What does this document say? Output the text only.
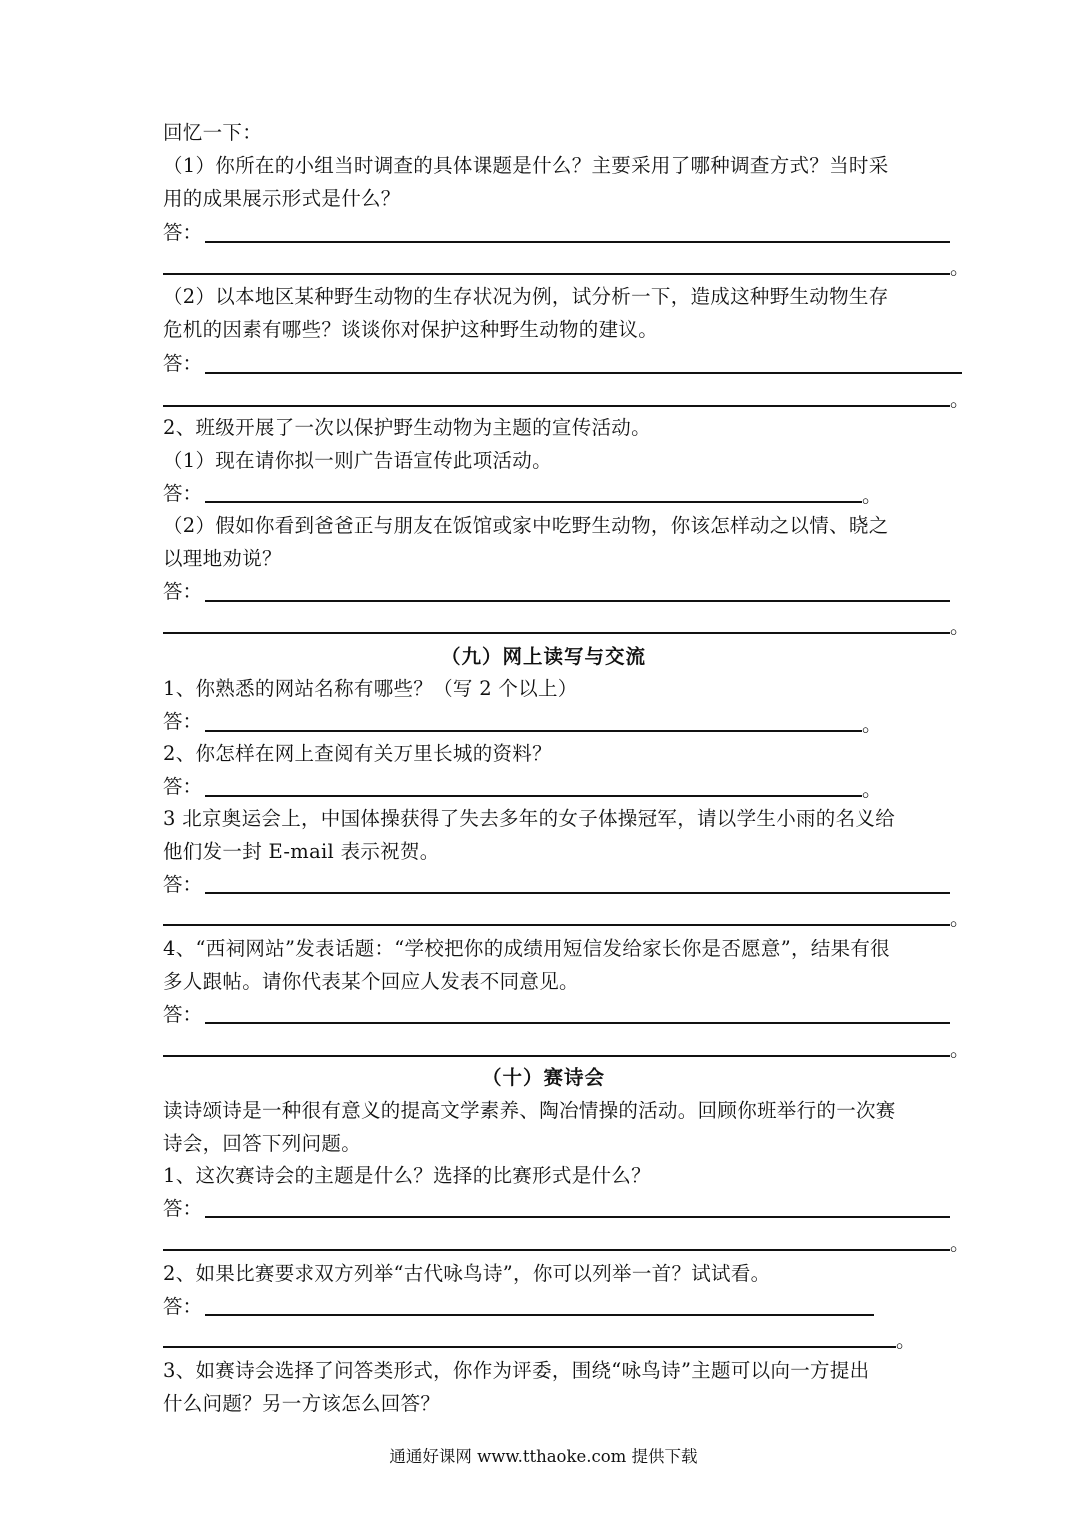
回忆一下：
（1）你所在的小组当时调查的具体课题是什么？主要采用了哪种调查方式？当时采
用的成果展示形式是什么？
答：
。
（2）以本地区某种野生动物的生存状况为例，试分析一下，造成这种野生动物生存
危机的因素有哪些？谈谈你对保护这种野生动物的建议。
答：
。
2、班级开展了一次以保护野生动物为主题的宣传活动。
（1）现在请你拟一则广告语宣传此项活动。
答：	。
（2）假如你看到爸爸正与朋友在饭馆或家中吃野生动物，你该怎样动之以情、晓之
以理地劝说？
答：
。
（九）网上读写与交流
1、你熟悉的网站名称有哪些？（写 2 个以上）
答：	。
2、你怎样在网上查阅有关万里长城的资料？
答：	。
3 北京奥运会上，中国体操获得了失去多年的女子体操冠军，请以学生小雨的名义给
他们发一封 E-mail 表示祝贺。
答：
。
4、“西祠网站”发表话题：“学校把你的成绩用短信发给家长你是否愿意”，结果有很
多人跟帖。请你代表某个回应人发表不同意见。
答：
。
（十）赛诗会
读诗颂诗是一种很有意义的提高文学素养、陶冶情操的活动。回顾你班举行的一次赛
诗会，回答下列问题。
1、这次赛诗会的主题是什么？选择的比赛形式是什么？
答：
。
2、如果比赛要求双方列举“古代咏鸟诗”，你可以列举一首？试试看。
答：
。
3、如赛诗会选择了问答类形式，你作为评委，围绕“咏鸟诗”主题可以向一方提出
什么问题？另一方该怎么回答？
通通好课网 www.tthaoke.com 提供下载
